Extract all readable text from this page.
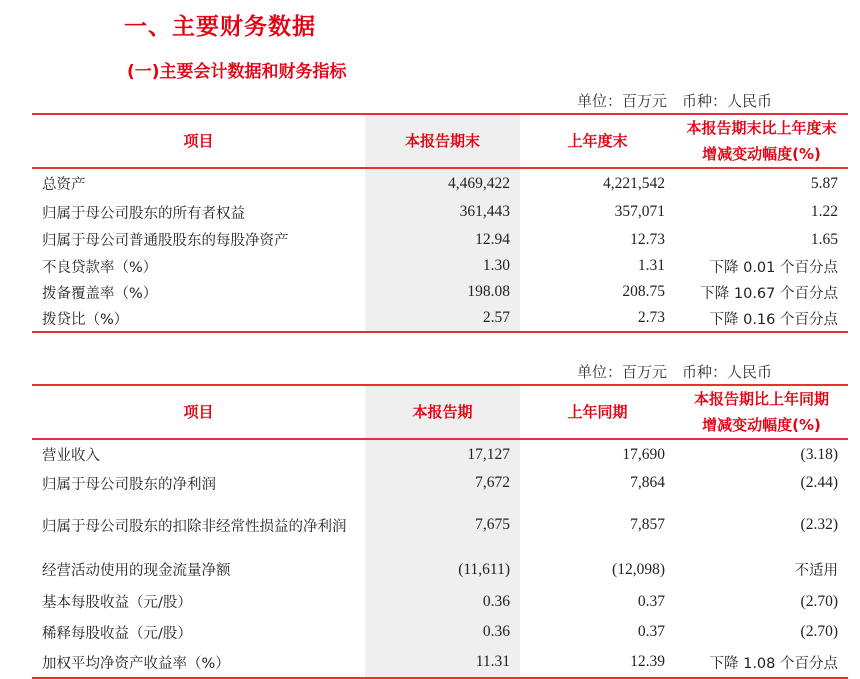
一、主要财务数据
(一)主要会计数据和财务指标
单位：百万元　币种：人民币
项目	本报告期末	上年度末	本报告期末比上年度末增减变动幅度(%)
总资产	4,469,422	4,221,542	5.87
归属于母公司股东的所有者权益	361,443	357,071	1.22
归属于母公司普通股股东的每股净资产	12.94	12.73	1.65
不良贷款率（%）	1.30	1.31	下降 0.01 个百分点
拨备覆盖率（%）	198.08	208.75	下降 10.67 个百分点
拨贷比（%）	2.57	2.73	下降 0.16 个百分点
单位：百万元　币种：人民币
项目	本报告期	上年同期	本报告期比上年同期增减变动幅度(%)
营业收入	17,127	17,690	(3.18)
归属于母公司股东的净利润	7,672	7,864	(2.44)
归属于母公司股东的扣除非经常性损益的净利润	7,675	7,857	(2.32)
经营活动使用的现金流量净额	(11,611)	(12,098)	不适用
基本每股收益（元/股）	0.36	0.37	(2.70)
稀释每股收益（元/股）	0.36	0.37	(2.70)
加权平均净资产收益率（%）	11.31	12.39	下降 1.08 个百分点
